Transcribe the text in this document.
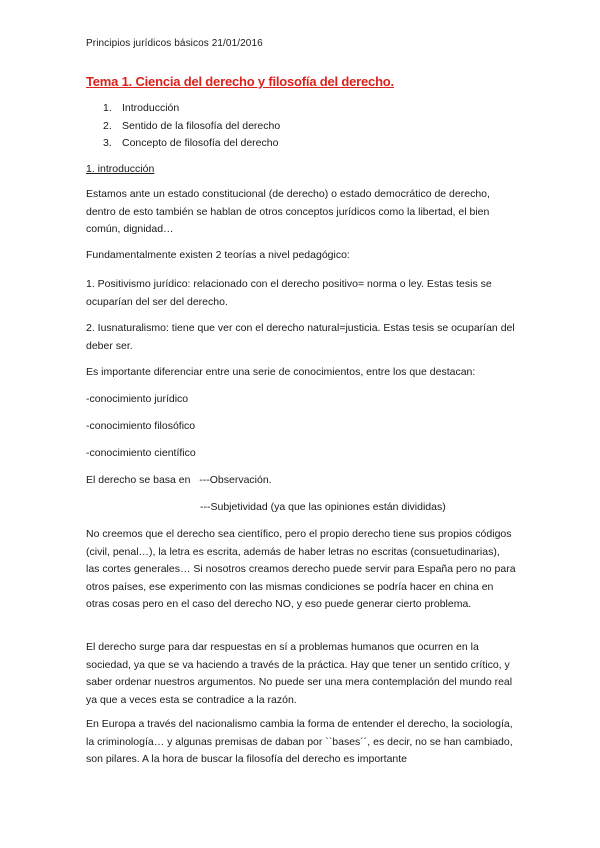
Principios jurídicos básicos 21/01/2016
Tema 1. Ciencia del derecho y filosofía del derecho.
1. Introducción
2. Sentido de la filosofía del derecho
3. Concepto de filosofía del derecho
1. introducción
Estamos ante un estado constitucional (de derecho) o estado democrático de derecho, dentro de esto también se hablan de otros conceptos jurídicos como la libertad, el bien común, dignidad…
Fundamentalmente existen 2 teorías a nivel pedagógico:
1. Positivismo jurídico: relacionado con el derecho positivo= norma o ley. Estas tesis se ocuparían del ser del derecho.
2. Iusnaturalismo: tiene que ver con el derecho natural=justicia. Estas tesis se ocuparían del deber ser.
Es importante diferenciar entre una serie de conocimientos, entre los que destacan:
-conocimiento jurídico
-conocimiento filosófico
-conocimiento científico
El derecho se basa en   ---Observación.
---Subjetividad (ya que las opiniones están divididas)
No creemos que el derecho sea científico, pero el propio derecho tiene sus propios códigos (civil, penal…), la letra es escrita, además de haber letras no escritas (consuetudinarias), las cortes generales… Si nosotros creamos derecho puede servir para España pero no para otros países, ese experimento con las mismas condiciones se podría hacer en china en otras cosas pero en el caso del derecho NO, y eso puede generar cierto problema.
El derecho surge para dar respuestas en sí a problemas humanos que ocurren en la sociedad, ya que se va haciendo a través de la práctica. Hay que tener un sentido crítico, y saber ordenar nuestros argumentos. No puede ser una mera contemplación del mundo real ya que a veces esta se contradice a la razón.
En Europa a través del nacionalismo cambia la forma de entender el derecho, la sociología, la criminología… y algunas premisas de daban por ``bases´´, es decir, no se han cambiado, son pilares. A la hora de buscar la filosofía del derecho es importante
